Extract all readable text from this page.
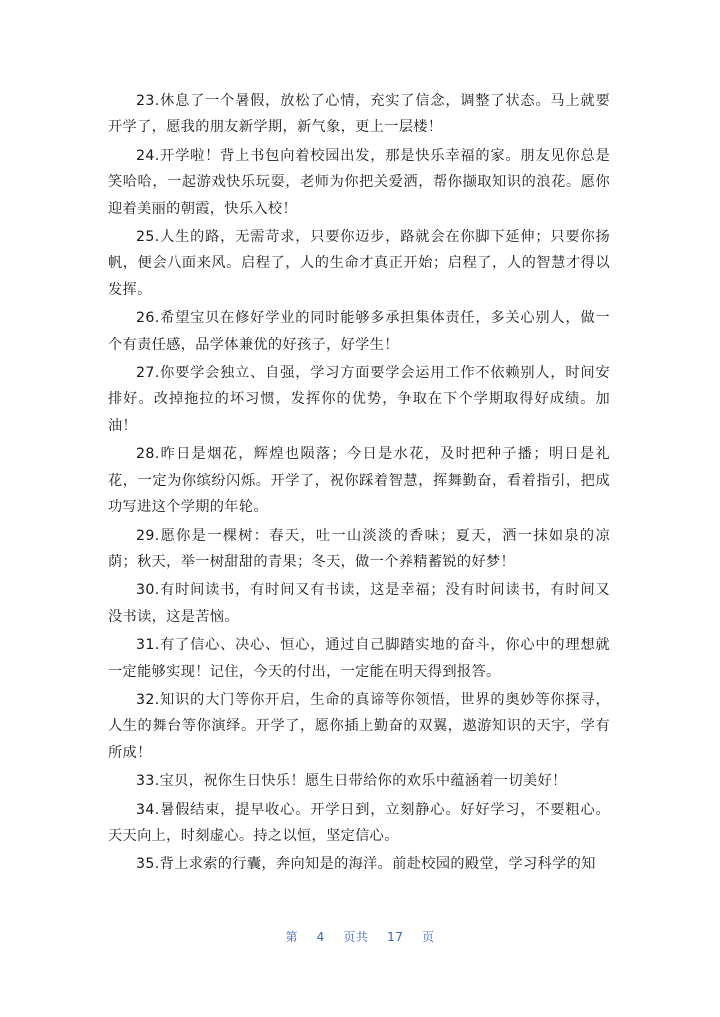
23.休息了一个暑假，放松了心情，充实了信念，调整了状态。马上就要开学了，愿我的朋友新学期，新气象，更上一层楼！

24.开学啦！背上书包向着校园出发，那是快乐幸福的家。朋友见你总是笑哈哈，一起游戏快乐玩耍，老师为你把关爱洒，帮你撷取知识的浪花。愿你迎着美丽的朝霞，快乐入校！

25.人生的路，无需苛求，只要你迈步，路就会在你脚下延伸；只要你扬帆，便会八面来风。启程了，人的生命才真正开始；启程了，人的智慧才得以发挥。

26.希望宝贝在修好学业的同时能够多承担集体责任，多关心别人，做一个有责任感，品学体兼优的好孩子，好学生！

27.你要学会独立、自强，学习方面要学会运用工作不依赖别人，时间安排好。改掉拖拉的坏习惯，发挥你的优势，争取在下个学期取得好成绩。加油！

28.昨日是烟花，辉煌也陨落；今日是水花，及时把种子播；明日是礼花，一定为你缤纷闪烁。开学了，祝你踩着智慧，挥舞勤奋，看着指引，把成功写进这个学期的年轮。

29.愿你是一棵树：春天，吐一山淡淡的香味；夏天，洒一抹如泉的凉荫；秋天，举一树甜甜的青果；冬天，做一个养精蓄锐的好梦！

30.有时间读书，有时间又有书读，这是幸福；没有时间读书，有时间又没书读，这是苦恼。

31.有了信心、决心、恒心，通过自己脚踏实地的奋斗，你心中的理想就一定能够实现！记住，今天的付出，一定能在明天得到报答。

32.知识的大门等你开启，生命的真谛等你领悟，世界的奥妙等你探寻，人生的舞台等你演绎。开学了，愿你插上勤奋的双翼，遨游知识的天宇，学有所成！

33.宝贝，祝你生日快乐！愿生日带给你的欢乐中蕴涵着一切美好！

34.暑假结束，提早收心。开学日到，立刻静心。好好学习，不要粗心。天天向上，时刻虚心。持之以恒，坚定信心。

35.背上求索的行囊，奔向知是的海洋。前赴校园的殿堂，学习科学的知

第 4 页共 17 页
